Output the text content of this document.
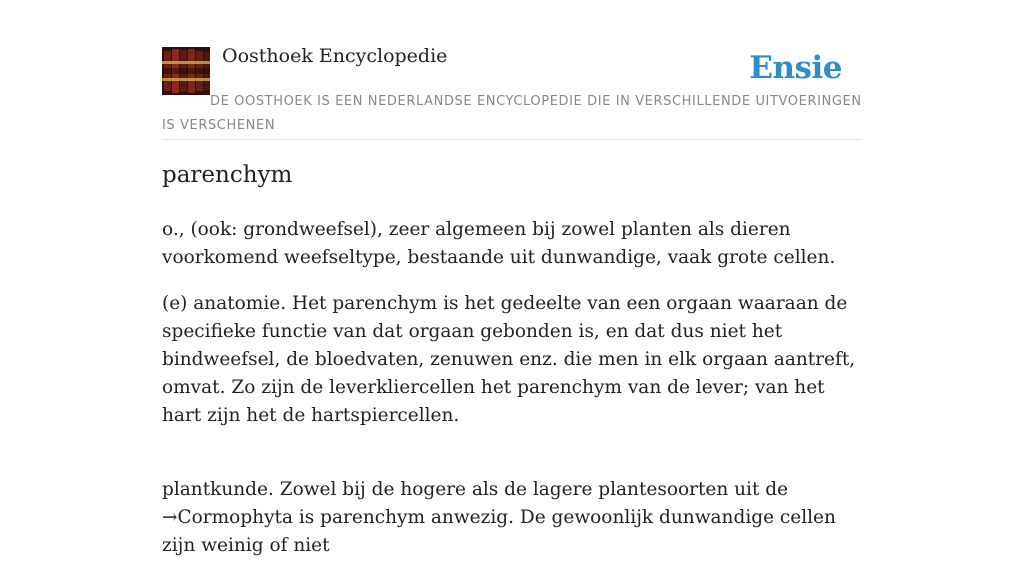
Oosthoek Encyclopedie	Ensie
DE OOSTHOEK IS EEN NEDERLANDSE ENCYCLOPEDIE DIE IN VERSCHILLENDE UITVOERINGEN IS VERSCHENEN
parenchym

o., (ook: grondweefsel), zeer algemeen bij zowel planten als dieren voorkomend weefseltype, bestaande uit dunwandige, vaak grote cellen.

(e) anatomie. Het parenchym is het gedeelte van een orgaan waaraan de specifieke functie van dat orgaan gebonden is, en dat dus niet het bindweefsel, de bloedvaten, zenuwen enz. die men in elk orgaan aantreft, omvat. Zo zijn de leverkliercellen het parenchym van de lever; van het hart zijn het de hartspiercellen.

plantkunde. Zowel bij de hogere als de lagere plantesoorten uit de →Cormophyta is parenchym anwezig. De gewoonlijk dunwandige cellen zijn weinig of niet
